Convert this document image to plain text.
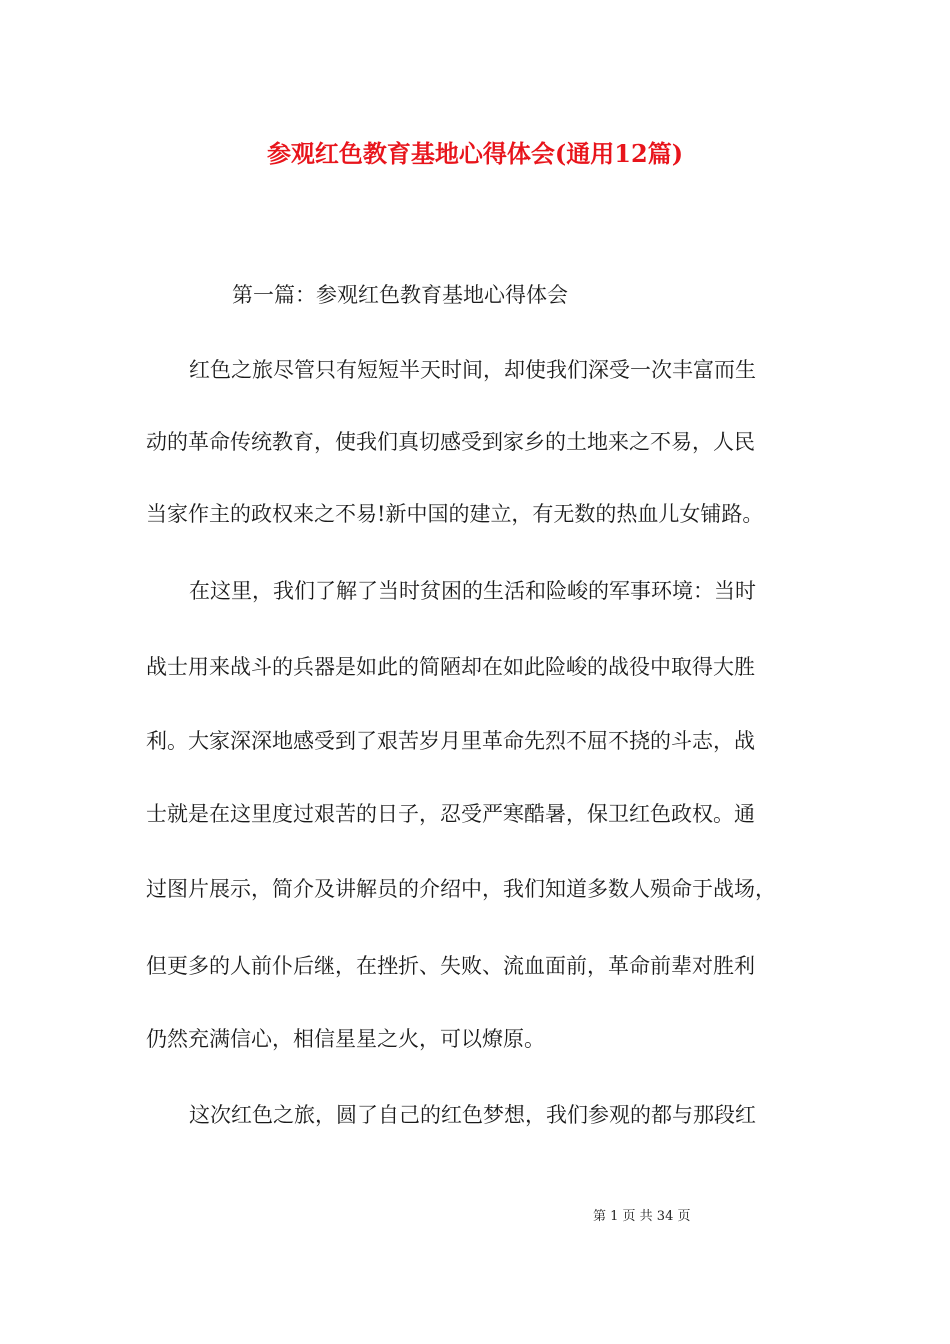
参观红色教育基地心得体会(通用12篇)
第一篇：参观红色教育基地心得体会
红色之旅尽管只有短短半天时间，却使我们深受一次丰富而生
动的革命传统教育，使我们真切感受到家乡的土地来之不易，人民
当家作主的政权来之不易!新中国的建立，有无数的热血儿女铺路。
在这里，我们了解了当时贫困的生活和险峻的军事环境：当时
战士用来战斗的兵器是如此的简陋却在如此险峻的战役中取得大胜
利。大家深深地感受到了艰苦岁月里革命先烈不屈不挠的斗志，战
士就是在这里度过艰苦的日子，忍受严寒酷暑，保卫红色政权。通
过图片展示，简介及讲解员的介绍中，我们知道多数人殒命于战场，
但更多的人前仆后继，在挫折、失败、流血面前，革命前辈对胜利
仍然充满信心，相信星星之火，可以燎原。
这次红色之旅，圆了自己的红色梦想，我们参观的都与那段红
第 1 页 共 34 页
